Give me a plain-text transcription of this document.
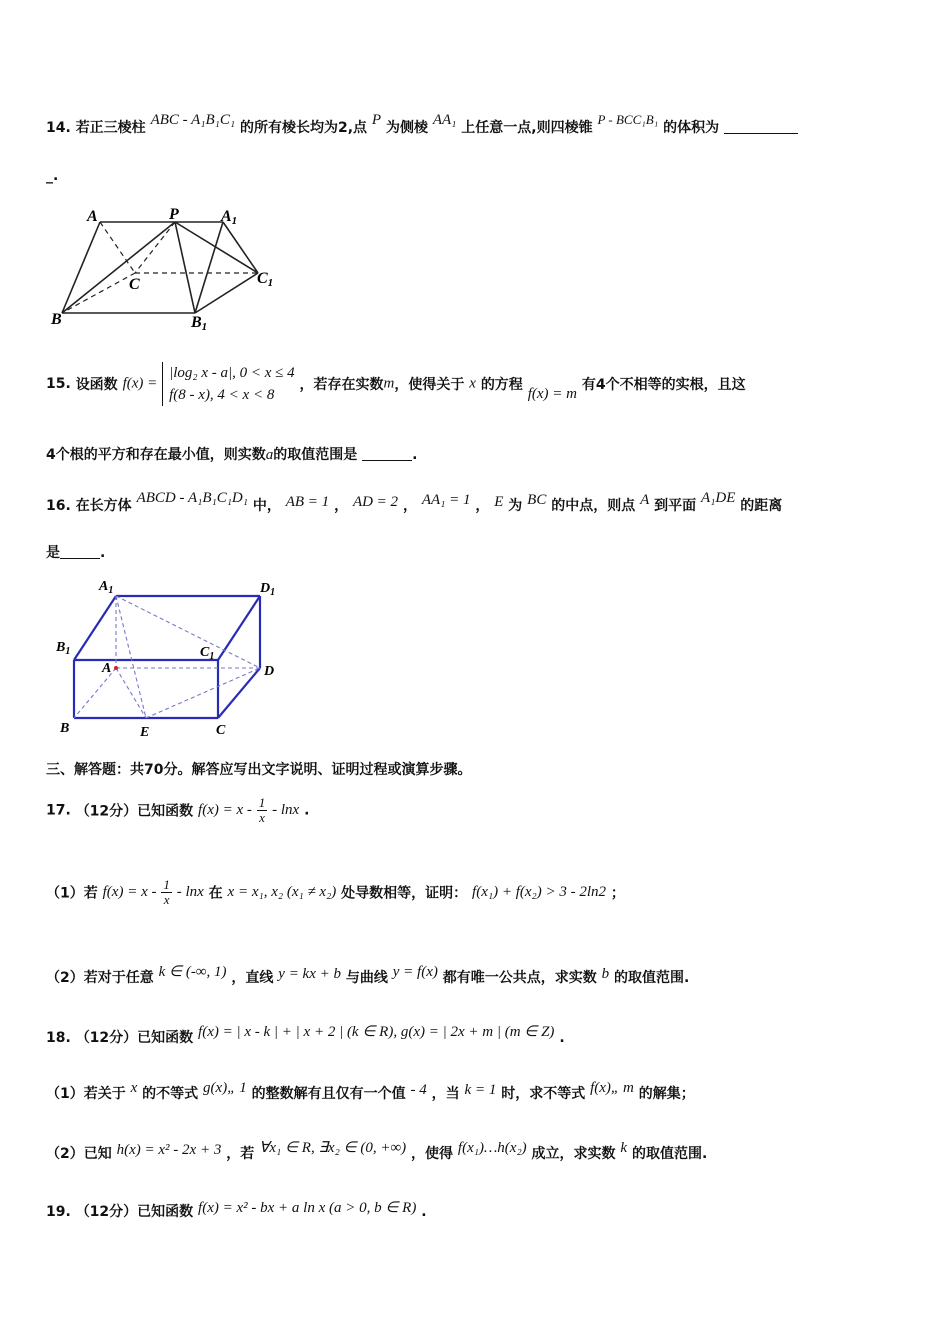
14. 若正三棱柱 ABC - A₁B₁C₁ 的所有棱长均为2,点 P 为侧棱 AA₁ 上任意一点,则四棱锥 P - BCC₁B₁ 的体积为
_.
A	P	A1
C	C1
B	B1
15. 设函数 f(x) =
|log₂ x - a|, 0 < x ≤ 4
f(8 - x), 4 < x < 8
，若存在实数m，使得关于 x 的方程 f(x) = m 有4个不相等的实根，且这
4个根的平方和存在最小值，则实数a的取值范围是	.
16. 在长方体 ABCD - A₁B₁C₁D₁ 中， AB = 1 ， AD = 2 ， AA₁ = 1 ， E 为 BC 的中点，则点 A 到平面 A₁DE 的距离
是	.
$A_1$	$D_1$
$B_1$	$C_1$
A	D
B	E	C
三、解答题：共70分。解答应写出文字说明、证明过程或演算步骤。
17. （12分）已知函数 $f(x) = x - \frac{1}{x} - \ln x$ .
（1）若 $f(x) = x - \frac{1}{x} - \ln x$ 在 x = x₁, x₂ (x₁ ≠ x₂) 处导数相等，证明： f(x₁) + f(x₂) > 3 - 2ln2 ；
（2）若对于任意 k ∈ (-∞, 1) ，直线 y = kx + b 与曲线 y = f(x) 都有唯一公共点，求实数 b 的取值范围.
18. （12分）已知函数 f(x) = | x - k | + | x + 2 | (k ∈ R), g(x) = | 2x + m | (m ∈ Z) .
（1）若关于 x 的不等式 g(x)„ 1 的整数解有且仅有一个值 - 4 ，当 k = 1 时，求不等式 f(x)„ m 的解集；
（2）已知 h(x) = x² - 2x + 3 ，若 ∀x₁ ∈ R, ∃x₂ ∈ (0, +∞) ，使得 f(x₁)…h(x₂) 成立，求实数 k 的取值范围.
19. （12分）已知函数 f(x) = x² - bx + a ln x (a > 0, b ∈ R) .
